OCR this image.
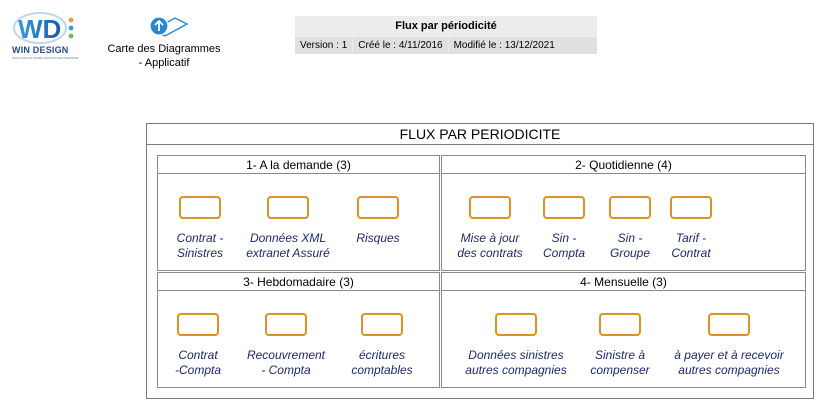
WD
WIN DESIGN
SOLUTION DE MODÉLISATION D'ENTREPRISE
Carte des Diagrammes
- Applicatif
Flux par périodicité
Version : 1	Créé le : 4/11/2016	Modifié le : 13/12/2021
FLUX PAR PERIODICITE
1- A la demande (3)
Contrat -
Sinistres
Données XML
extranet Assuré
Risques
2- Quotidienne (4)
Mise à jour
des contrats
Sin -
Compta
Sin -
Groupe
Tarif -
Contrat
3- Hebdomadaire (3)
Contrat
-Compta
Recouvrement
- Compta
écritures
comptables
4- Mensuelle (3)
Données sinistres
autres compagnies
Sinistre à
compenser
à payer et à recevoir
autres compagnies
